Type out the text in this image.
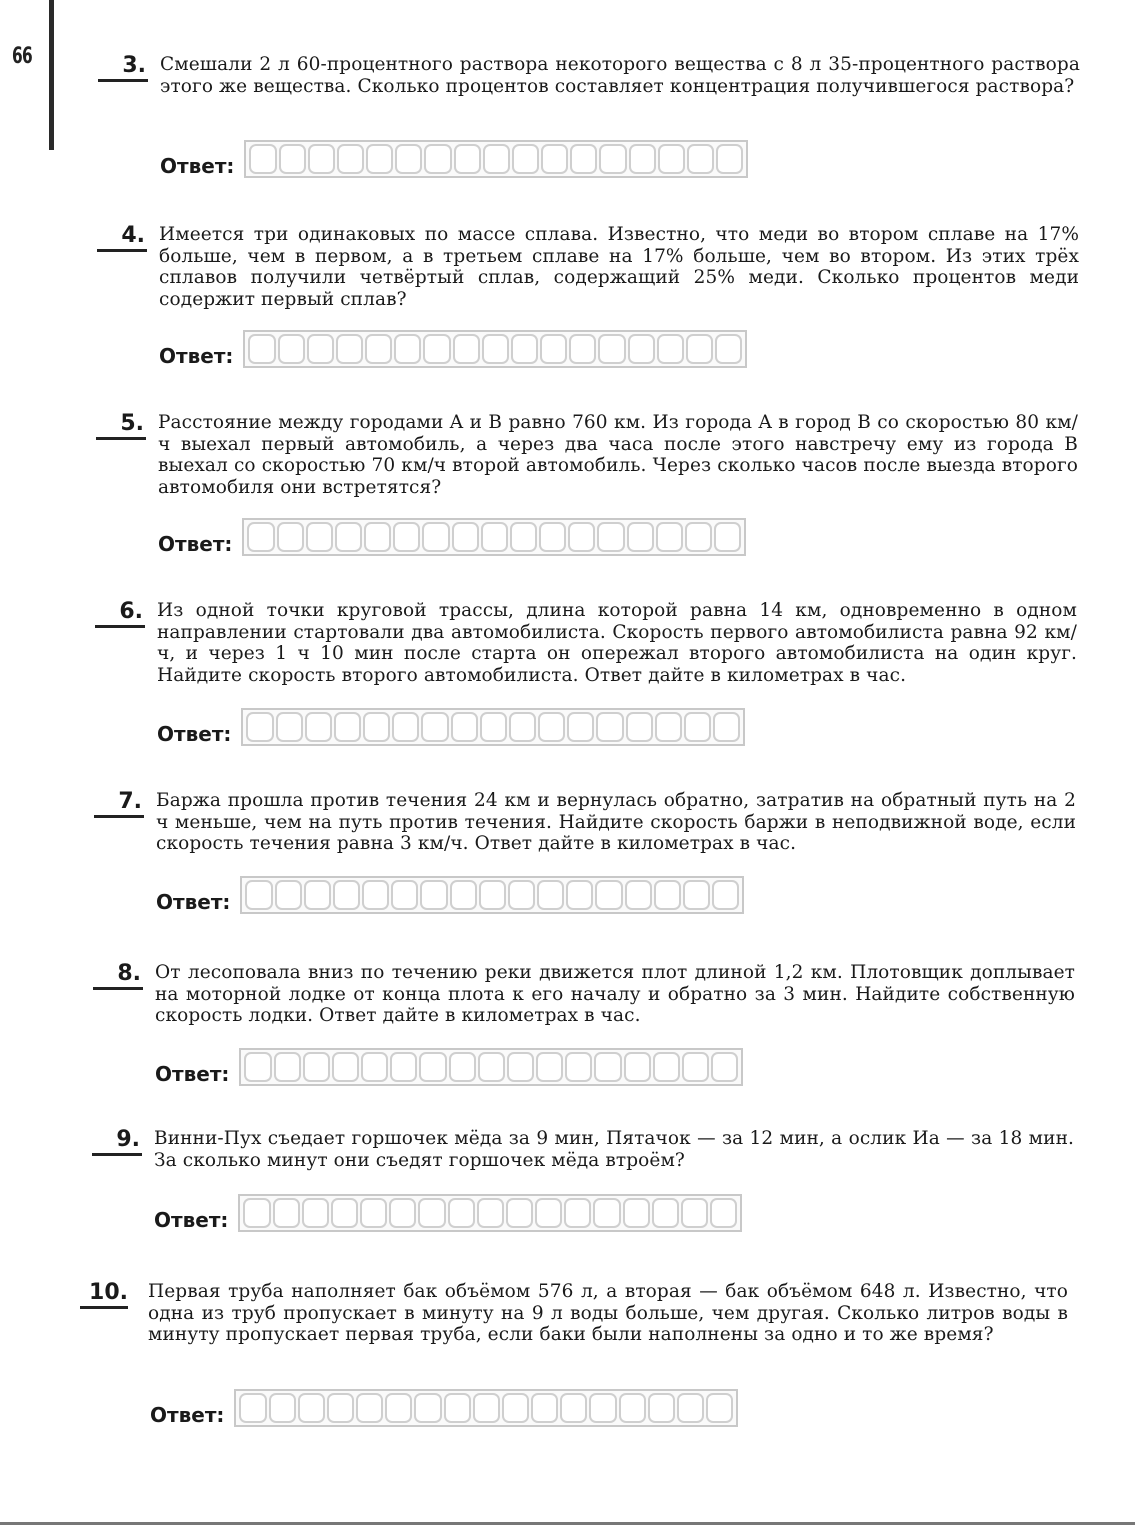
66	3. Смешали 2 л 60-процентного раствора некоторого вещества с 8 л 35-процентного раствора этого же вещества. Сколько процентов составляет концентрация получившегося раствора?
Ответ:
4. Имеется три одинаковых по массе сплава. Известно, что меди во втором сплаве на 17% больше, чем в первом, а в третьем сплаве на 17% больше, чем во втором. Из этих трёх сплавов получили четвёртый сплав, содержащий 25% меди. Сколько процентов меди содержит первый сплав?
Ответ:
5. Расстояние между городами A и B равно 760 км. Из города A в город B со скоростью 80 км/ч выехал первый автомобиль, а через два часа после этого навстречу ему из города B выехал со скоростью 70 км/ч второй автомобиль. Через сколько часов после выезда второго автомобиля они встретятся?
Ответ:
6. Из одной точки круговой трассы, длина которой равна 14 км, одновременно в одном направлении стартовали два автомобилиста. Скорость первого автомобилиста равна 92 км/ч, и через 1 ч 10 мин после старта он опережал второго автомобилиста на один круг. Найдите скорость второго автомобилиста. Ответ дайте в километрах в час.
Ответ:
7. Баржа прошла против течения 24 км и вернулась обратно, затратив на обратный путь на 2 ч меньше, чем на путь против течения. Найдите скорость баржи в неподвижной воде, если скорость течения равна 3 км/ч. Ответ дайте в километрах в час.
Ответ:
8. От лесоповала вниз по течению реки движется плот длиной 1,2 км. Плотовщик доплывает на моторной лодке от конца плота к его началу и обратно за 3 мин. Найдите собственную скорость лодки. Ответ дайте в километрах в час.
Ответ:
9. Винни-Пух съедает горшочек мёда за 9 мин, Пятачок — за 12 мин, а ослик Иа — за 18 мин. За сколько минут они съедят горшочек мёда втроём?
Ответ:
10. Первая труба наполняет бак объёмом 576 л, а вторая — бак объёмом 648 л. Известно, что одна из труб пропускает в минуту на 9 л воды больше, чем другая. Сколько литров воды в минуту пропускает первая труба, если баки были наполнены за одно и то же время?
Ответ:
